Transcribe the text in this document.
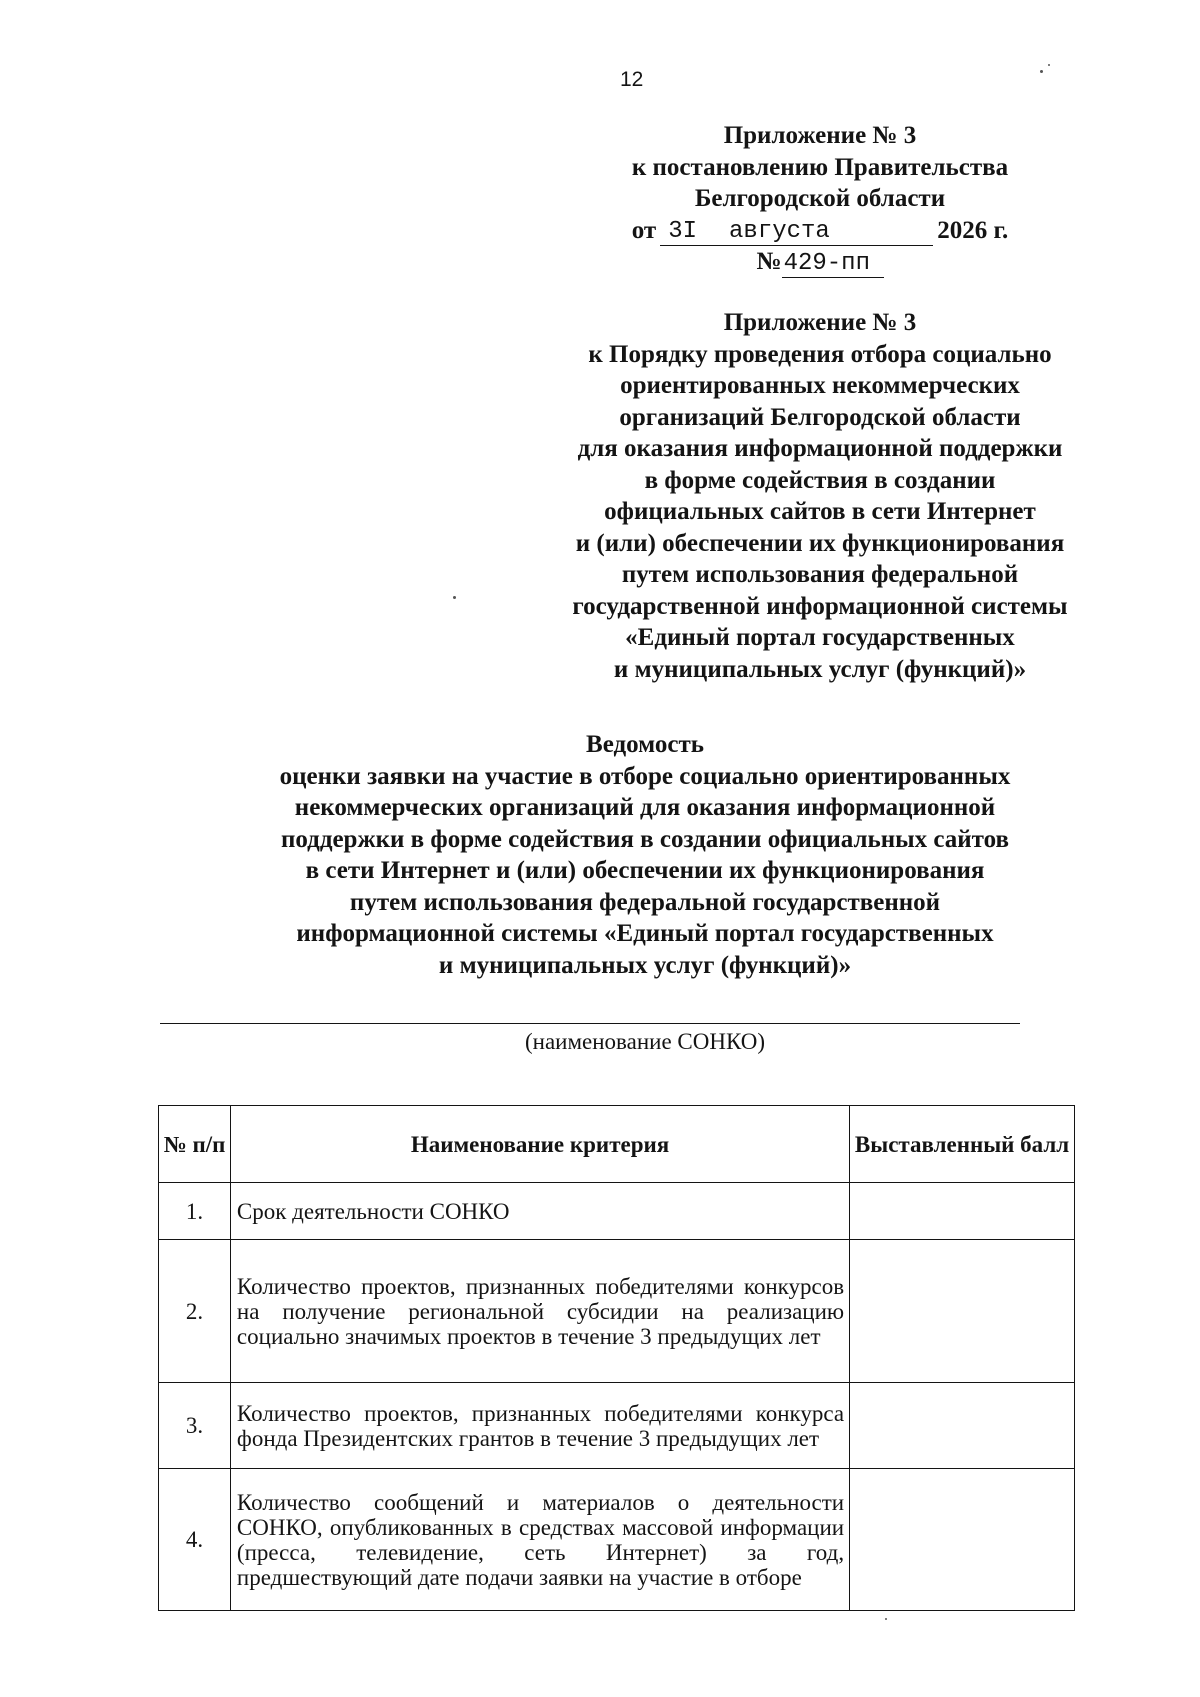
12
Приложение № 3
к постановлению Правительства
Белгородской области
от 3I августа	2026 г.
№ 429-пп
Приложение № 3
к Порядку проведения отбора социально
ориентированных некоммерческих
организаций Белгородской области
для оказания информационной поддержки
в форме содействия в создании
официальных сайтов в сети Интернет
и (или) обеспечении их функционирования
путем использования федеральной
государственной информационной системы
«Единый портал государственных
и муниципальных услуг (функций)»
Ведомость
оценки заявки на участие в отборе социально ориентированных
некоммерческих организаций для оказания информационной
поддержки в форме содействия в создании официальных сайтов
в сети Интернет и (или) обеспечении их функционирования
путем использования федеральной государственной
информационной системы «Единый портал государственных
и муниципальных услуг (функций)»
(наименование СОНКО)
№ п/п	Наименование критерия	Выставленный балл
1.	Срок деятельности СОНКО	
2.	Количество проектов, признанных победителями конкурсов на получение региональной субсидии на реализацию социально значимых проектов в течение 3 предыдущих лет	
3.	Количество проектов, признанных победителями конкурса фонда Президентских грантов в течение 3 предыдущих лет	
4.	Количество сообщений и материалов о деятельности СОНКО, опубликованных в средствах массовой информации (пресса, телевидение, сеть Интернет) за год, предшествующий дате подачи заявки на участие в отборе	
